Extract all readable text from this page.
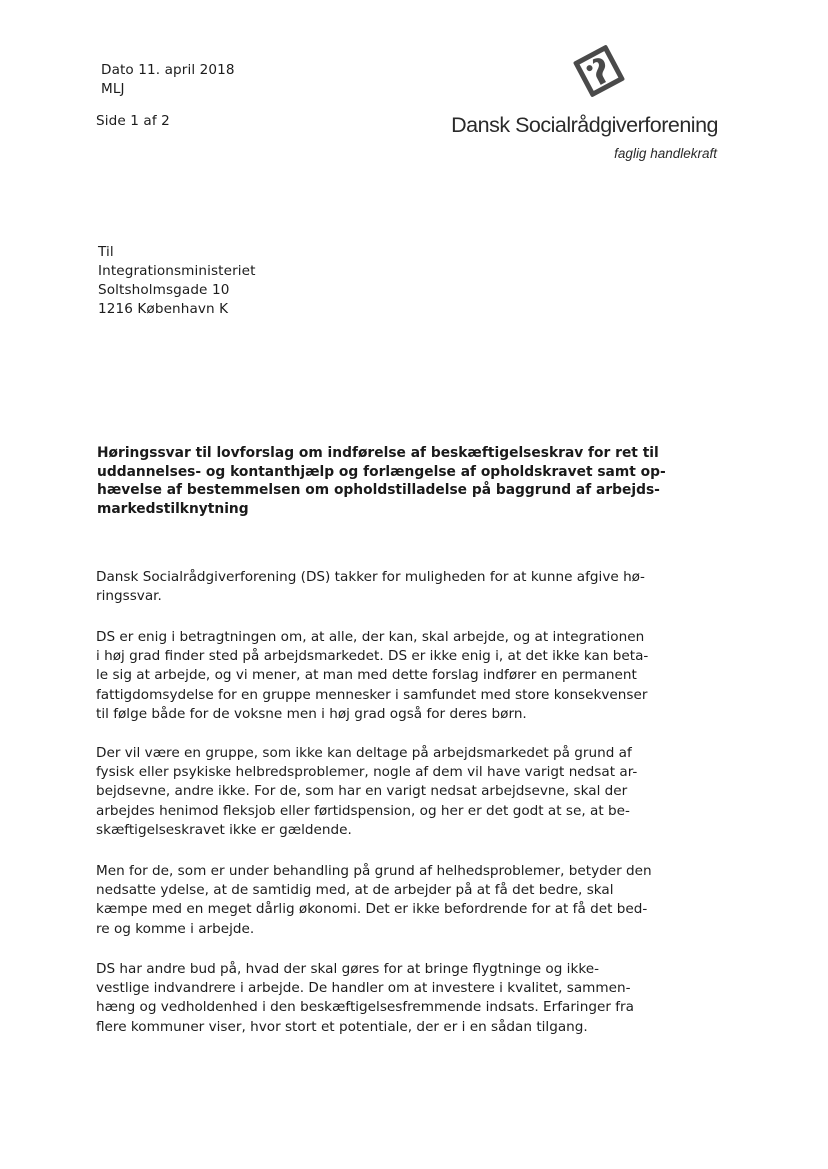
Dato 11. april 2018
MLJ
Side 1 af 2	Dansk Socialrådgiverforening
faglig handlekraft
Til
Integrationsministeriet
Soltsholmsgade 10
1216 København K
Høringssvar til lovforslag om indførelse af beskæftigelseskrav for ret til
uddannelses- og kontanthjælp og forlængelse af opholdskravet samt op-
hævelse af bestemmelsen om opholdstilladelse på baggrund af arbejds-
markedstilknytning
Dansk Socialrådgiverforening (DS) takker for muligheden for at kunne afgive hø-
ringssvar.
DS er enig i betragtningen om, at alle, der kan, skal arbejde, og at integrationen
i høj grad finder sted på arbejdsmarkedet. DS er ikke enig i, at det ikke kan beta-
le sig at arbejde, og vi mener, at man med dette forslag indfører en permanent
fattigdomsydelse for en gruppe mennesker i samfundet med store konsekvenser
til følge både for de voksne men i høj grad også for deres børn.
Der vil være en gruppe, som ikke kan deltage på arbejdsmarkedet på grund af
fysisk eller psykiske helbredsproblemer, nogle af dem vil have varigt nedsat ar-
bejdsevne, andre ikke. For de, som har en varigt nedsat arbejdsevne, skal der
arbejdes henimod fleksjob eller førtidspension, og her er det godt at se, at be-
skæftigelseskravet ikke er gældende.
Men for de, som er under behandling på grund af helhedsproblemer, betyder den
nedsatte ydelse, at de samtidig med, at de arbejder på at få det bedre, skal
kæmpe med en meget dårlig økonomi. Det er ikke befordrende for at få det bed-
re og komme i arbejde.
DS har andre bud på, hvad der skal gøres for at bringe flygtninge og ikke-
vestlige indvandrere i arbejde. De handler om at investere i kvalitet, sammen-
hæng og vedholdenhed i den beskæftigelsesfremmende indsats. Erfaringer fra
flere kommuner viser, hvor stort et potentiale, der er i en sådan tilgang.
